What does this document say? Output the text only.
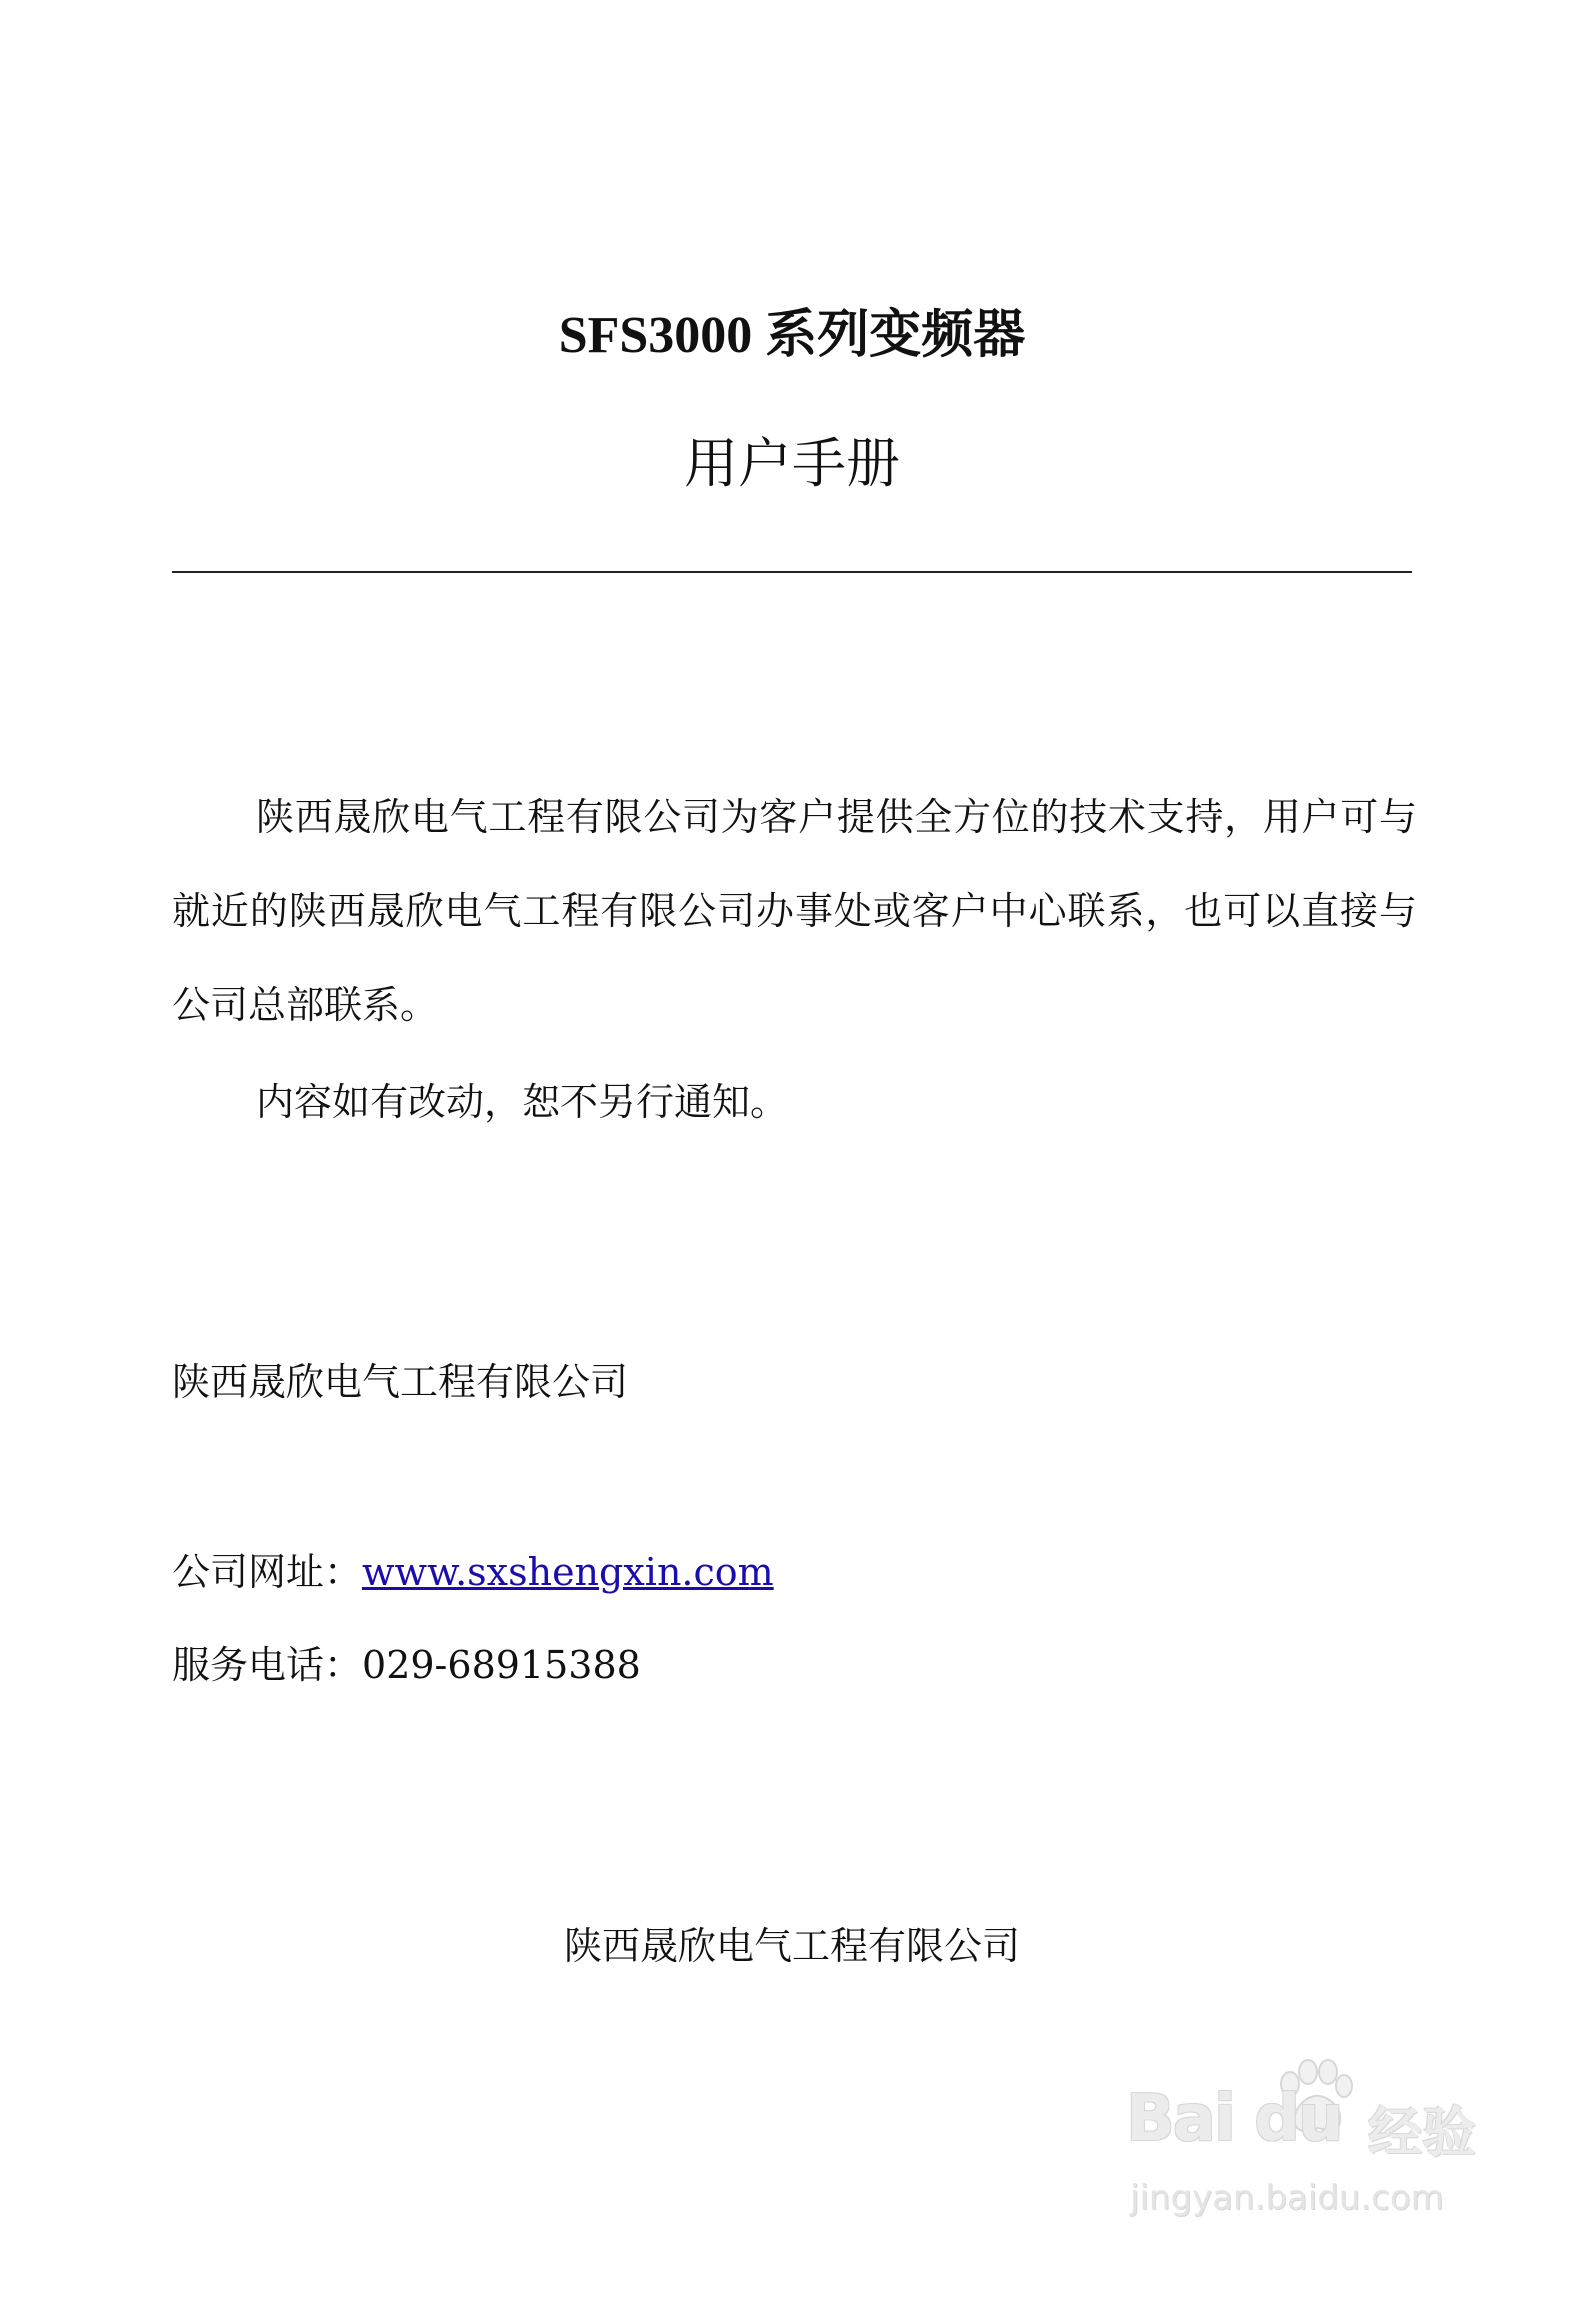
SFS3000 系列变频器
用户手册
陕西晟欣电气工程有限公司为客户提供全方位的技术支持，用户可与就近的陕西晟欣电气工程有限公司办事处或客户中心联系，也可以直接与公司总部联系。
内容如有改动，恕不另行通知。
陕西晟欣电气工程有限公司
公司网址：www.sxshengxin.com
服务电话：029-68915388
陕西晟欣电气工程有限公司
Bai du 经验
jingyan.baidu.com
